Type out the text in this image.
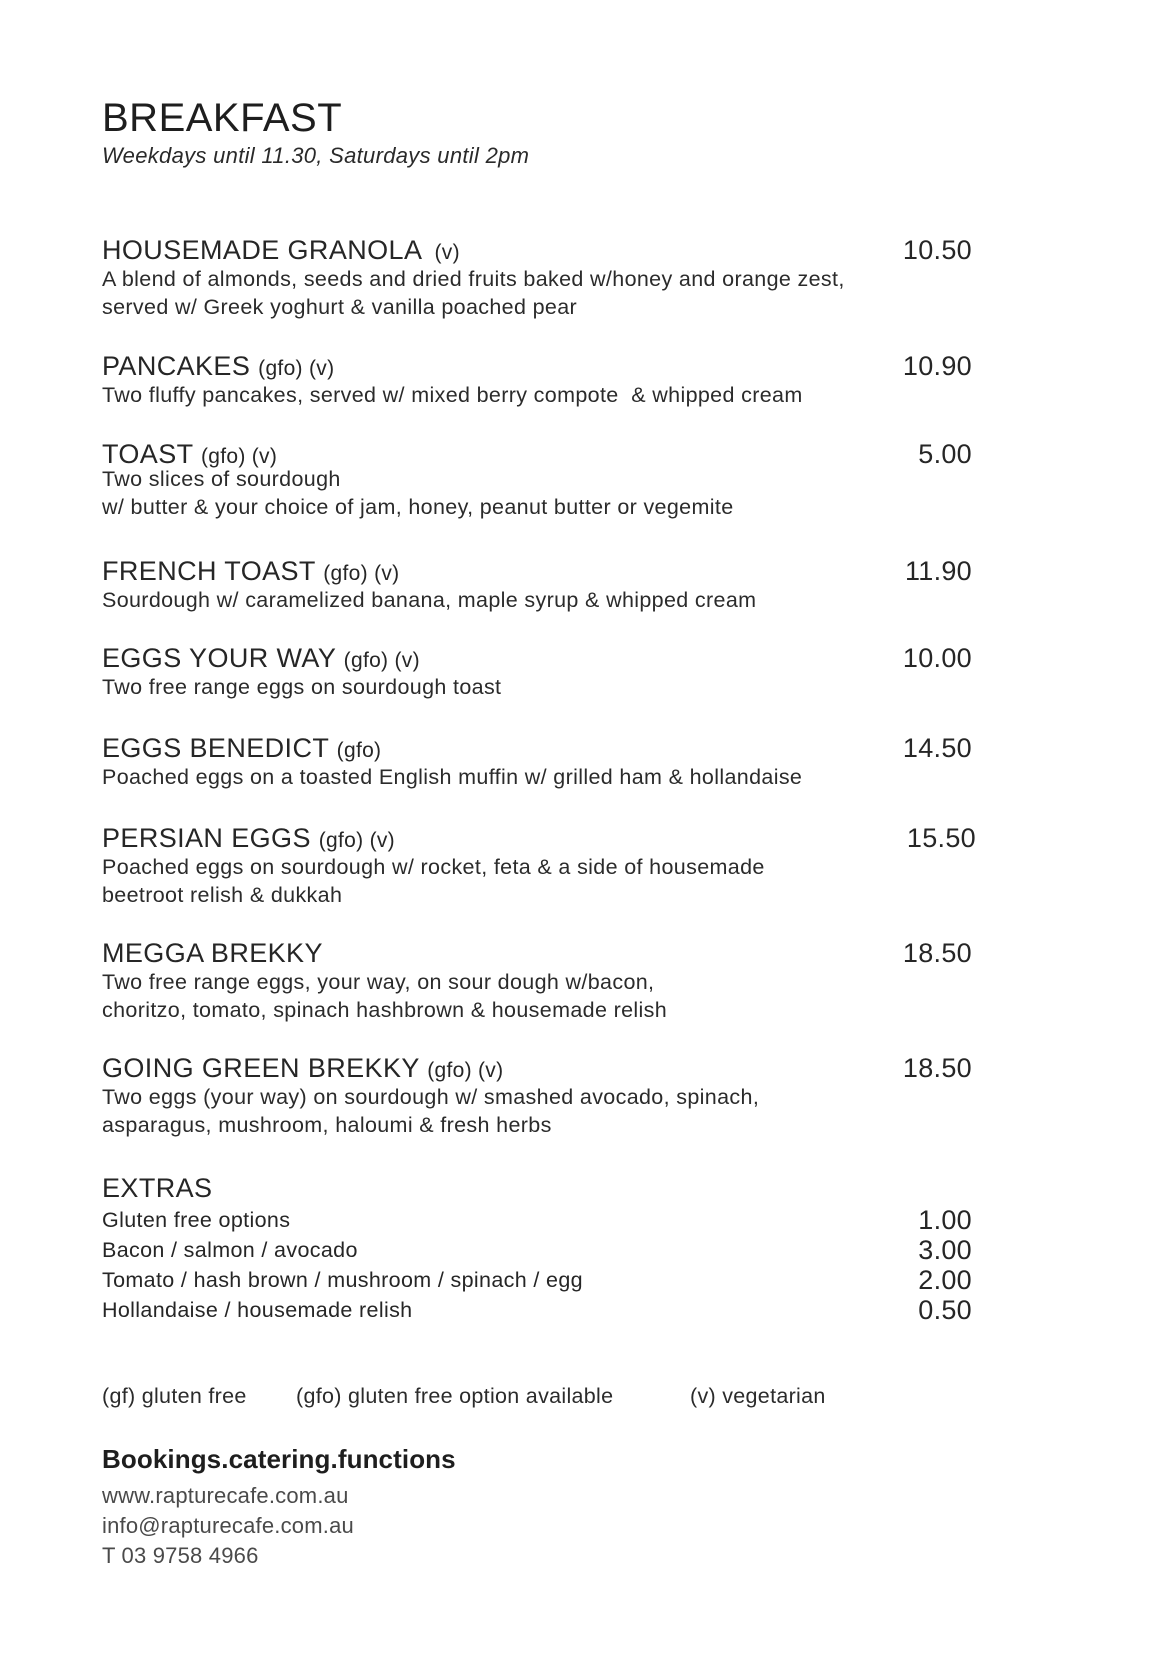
BREAKFAST
Weekdays until 11.30, Saturdays until 2pm
HOUSEMADE GRANOLA (v)	10.50
A blend of almonds, seeds and dried fruits baked w/honey and orange zest,
served w/ Greek yoghurt & vanilla poached pear
PANCAKES (gfo) (v)	10.90
Two fluffy pancakes, served w/ mixed berry compote  & whipped cream
TOAST (gfo) (v)	5.00
Two slices of sourdough
w/ butter & your choice of jam, honey, peanut butter or vegemite
FRENCH TOAST (gfo) (v)	11.90
Sourdough w/ caramelized banana, maple syrup & whipped cream
EGGS YOUR WAY (gfo) (v)	10.00
Two free range eggs on sourdough toast
EGGS BENEDICT (gfo)	14.50
Poached eggs on a toasted English muffin w/ grilled ham & hollandaise
PERSIAN EGGS (gfo) (v)	15.50
Poached eggs on sourdough w/ rocket, feta & a side of housemade
beetroot relish & dukkah
MEGGA BREKKY	18.50
Two free range eggs, your way, on sour dough w/bacon,
choritzo, tomato, spinach hashbrown & housemade relish
GOING GREEN BREKKY (gfo) (v)	18.50
Two eggs (your way) on sourdough w/ smashed avocado, spinach,
asparagus, mushroom, haloumi & fresh herbs
EXTRAS
Gluten free options	1.00
Bacon / salmon / avocado	3.00
Tomato / hash brown / mushroom / spinach / egg	2.00
Hollandaise / housemade relish	0.50
(gf) gluten free (gfo) gluten free option available	(v) vegetarian
Bookings.catering.functions
www.rapturecafe.com.au
info@rapturecafe.com.au
T 03 9758 4966
